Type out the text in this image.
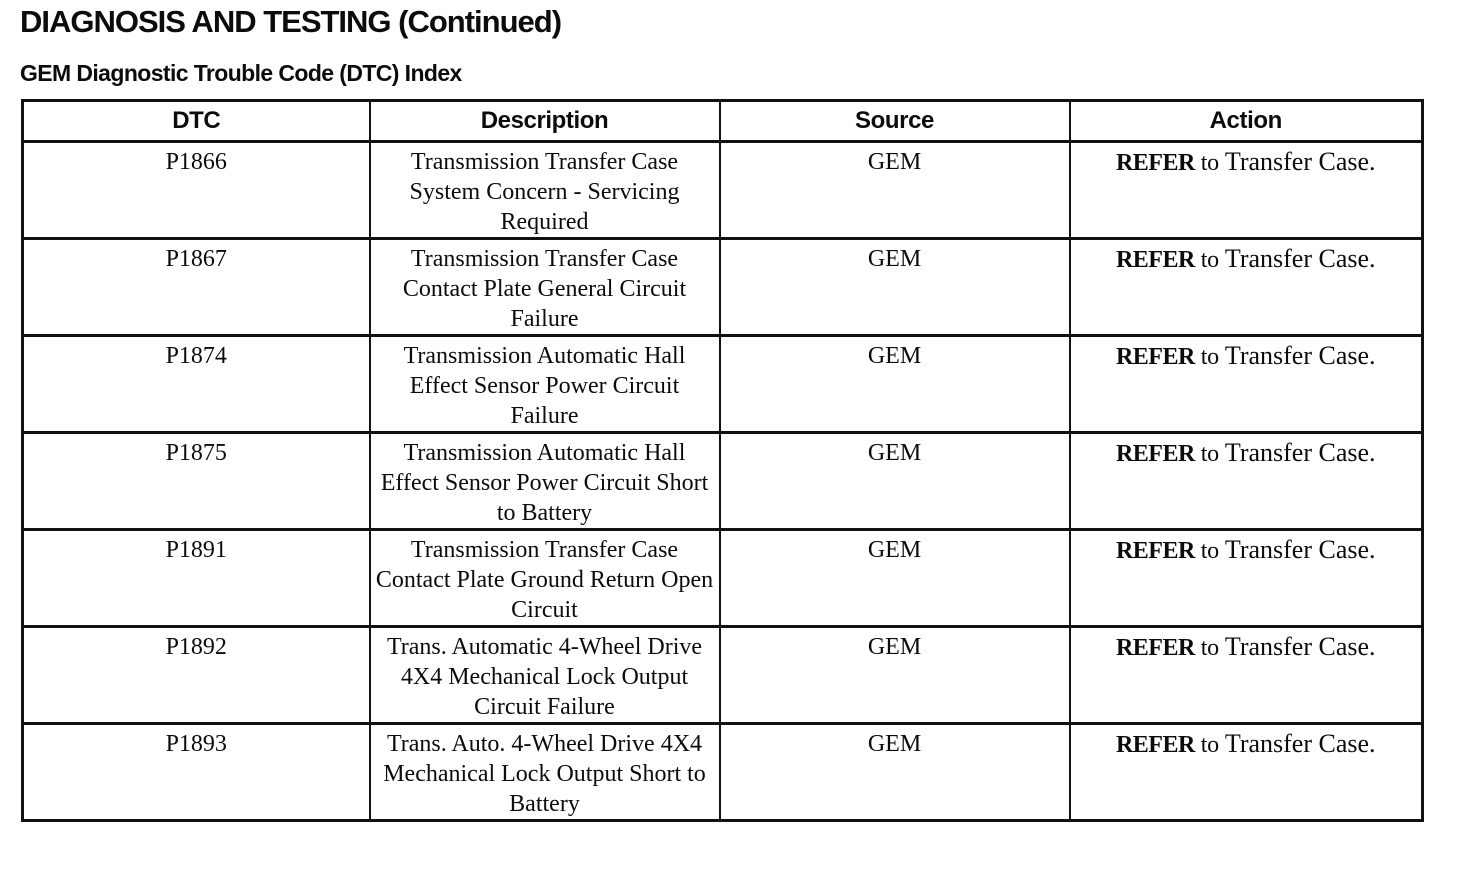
DIAGNOSIS AND TESTING (Continued)
GEM Diagnostic Trouble Code (DTC) Index
DTC	Description	Source	Action
P1866	Transmission Transfer Case System Concern - Servicing Required	GEM	REFER to Transfer Case.
P1867	Transmission Transfer Case Contact Plate General Circuit Failure	GEM	REFER to Transfer Case.
P1874	Transmission Automatic Hall Effect Sensor Power Circuit Failure	GEM	REFER to Transfer Case.
P1875	Transmission Automatic Hall Effect Sensor Power Circuit Short to Battery	GEM	REFER to Transfer Case.
P1891	Transmission Transfer Case Contact Plate Ground Return Open Circuit	GEM	REFER to Transfer Case.
P1892	Trans. Automatic 4-Wheel Drive 4X4 Mechanical Lock Output Circuit Failure	GEM	REFER to Transfer Case.
P1893	Trans. Auto. 4-Wheel Drive 4X4 Mechanical Lock Output Short to Battery	GEM	REFER to Transfer Case.
